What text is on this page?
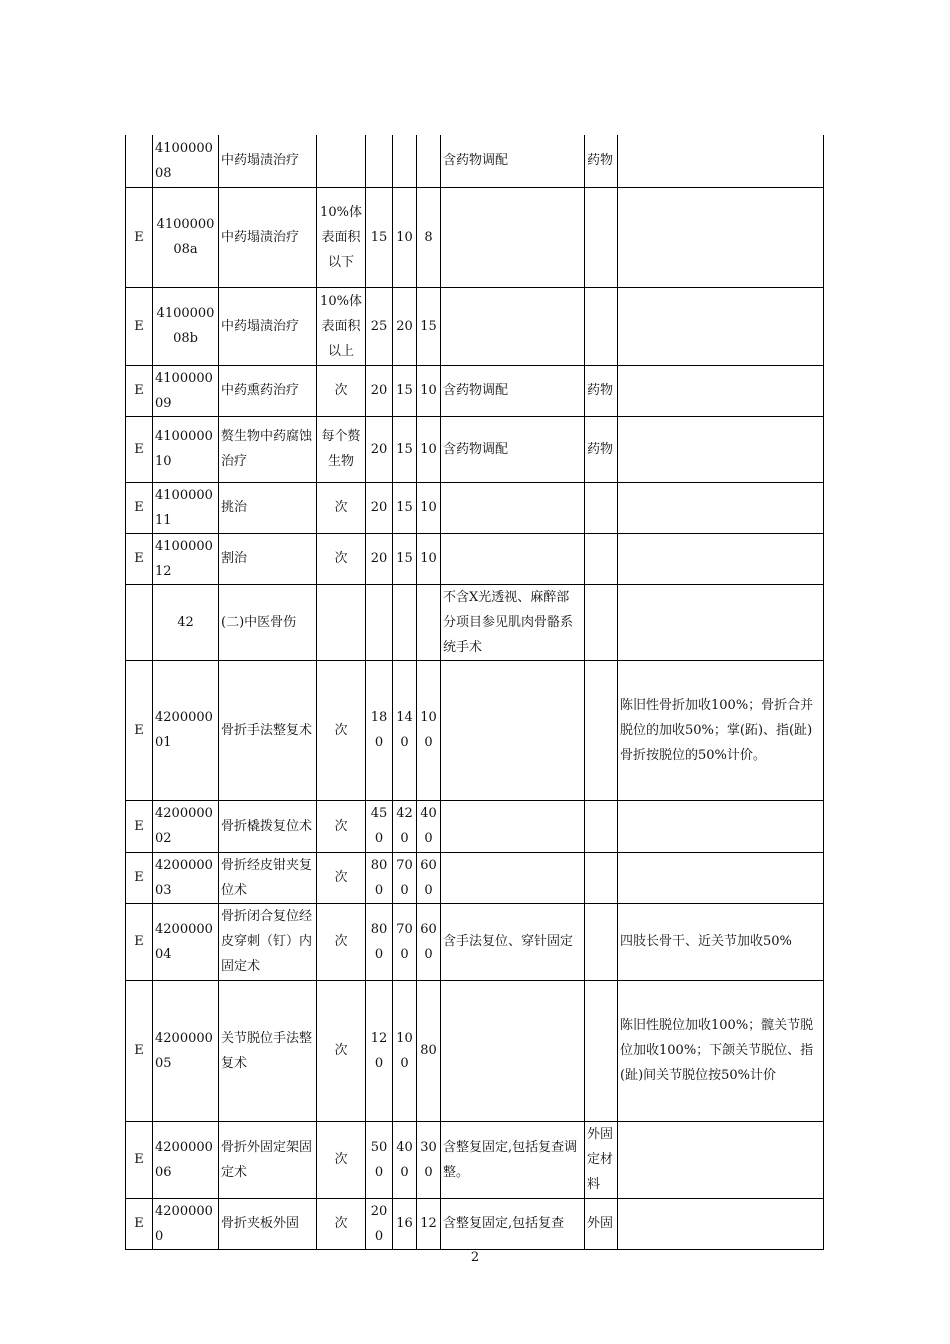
	410000008	中药塌渍治疗					含药物调配	药物	
E	410000008a	中药塌渍治疗	10%体表面积以下	15	10	8			
E	410000008b	中药塌渍治疗	10%体表面积以上	25	20	15			
E	410000009	中药熏药治疗	次	20	15	10	含药物调配	药物	
E	410000010	赘生物中药腐蚀治疗	每个赘生物	20	15	10	含药物调配	药物	
E	410000011	挑治	次	20	15	10			
E	410000012	割治	次	20	15	10			
	42	(二)中医骨伤					不含X光透视、麻醉部分项目参见肌肉骨骼系统手术		
E	420000001	骨折手法整复术	次	180	140	100			陈旧性骨折加收100%；骨折合并脱位的加收50%；掌(跖)、指(趾)骨折按脱位的50%计价。
E	420000002	骨折橇拨复位术	次	450	420	400			
E	420000003	骨折经皮钳夹复位术	次	800	700	600			
E	420000004	骨折闭合复位经皮穿刺（钉）内固定术	次	800	700	600	含手法复位、穿针固定		四肢长骨干、近关节加收50%
E	420000005	关节脱位手法整复术	次	120	100	80			陈旧性脱位加收100%；髋关节脱位加收100%；下颌关节脱位、指(趾)间关节脱位按50%计价
E	420000006	骨折外固定架固定术	次	500	400	300	含整复固定,包括复查调整。	外固定材料	
E	42000000	骨折夹板外固	次	200	16	12	含整复固定,包括复查	外固	
2
